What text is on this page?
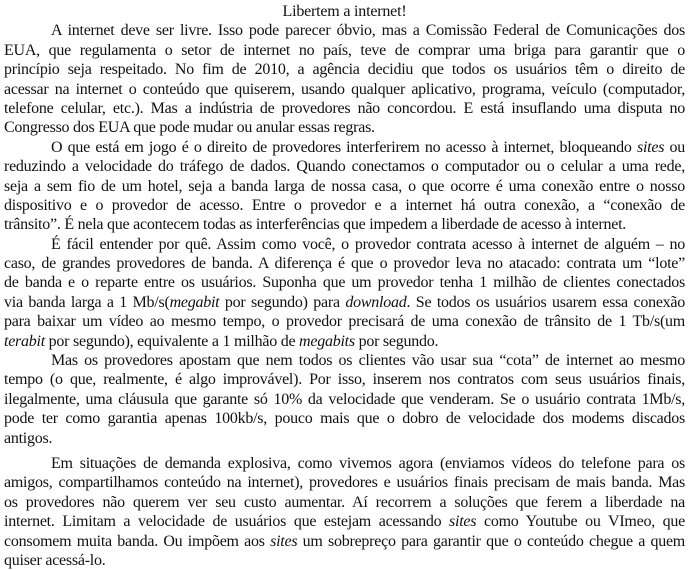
Libertem a internet!
A internet deve ser livre. Isso pode parecer óbvio, mas a Comissão Federal de Comunicações dos
EUA, que regulamenta o setor de internet no país, teve de comprar uma briga para garantir que o
princípio seja respeitado. No fim de 2010, a agência decidiu que todos os usuários têm o direito de
acessar na internet o conteúdo que quiserem, usando qualquer aplicativo, programa, veículo (computador,
telefone celular, etc.). Mas a indústria de provedores não concordou. E está insuflando uma disputa no
Congresso dos EUA que pode mudar ou anular essas regras.
O que está em jogo é o direito de provedores interferirem no acesso à internet, bloqueando sites ou
reduzindo a velocidade do tráfego de dados. Quando conectamos o computador ou o celular a uma rede,
seja a sem fio de um hotel, seja a banda larga de nossa casa, o que ocorre é uma conexão entre o nosso
dispositivo e o provedor de acesso. Entre o provedor e a internet há outra conexão, a “conexão de
trânsito”. É nela que acontecem todas as interferências que impedem a liberdade de acesso à internet.
É fácil entender por quê. Assim como você, o provedor contrata acesso à internet de alguém – no
caso, de grandes provedores de banda. A diferença é que o provedor leva no atacado: contrata um “lote”
de banda e o reparte entre os usuários. Suponha que um provedor tenha 1 milhão de clientes conectados
via banda larga a 1 Mb/s(megabit por segundo) para download. Se todos os usuários usarem essa conexão
para baixar um vídeo ao mesmo tempo, o provedor precisará de uma conexão de trânsito de 1 Tb/s(um
terabit por segundo), equivalente a 1 milhão de megabits por segundo.
Mas os provedores apostam que nem todos os clientes vão usar sua “cota” de internet ao mesmo
tempo (o que, realmente, é algo improvável). Por isso, inserem nos contratos com seus usuários finais,
ilegalmente, uma cláusula que garante só 10% da velocidade que venderam. Se o usuário contrata 1Mb/s,
pode ter como garantia apenas 100kb/s, pouco mais que o dobro de velocidade dos modems discados
antigos.
Em situações de demanda explosiva, como vivemos agora (enviamos vídeos do telefone para os
amigos, compartilhamos conteúdo na internet), provedores e usuários finais precisam de mais banda. Mas
os provedores não querem ver seu custo aumentar. Aí recorrem a soluções que ferem a liberdade na
internet. Limitam a velocidade de usuários que estejam acessando sites como Youtube ou VImeo, que
consomem muita banda. Ou impõem aos sites um sobrepreço para garantir que o conteúdo chegue a quem
quiser acessá-lo.
